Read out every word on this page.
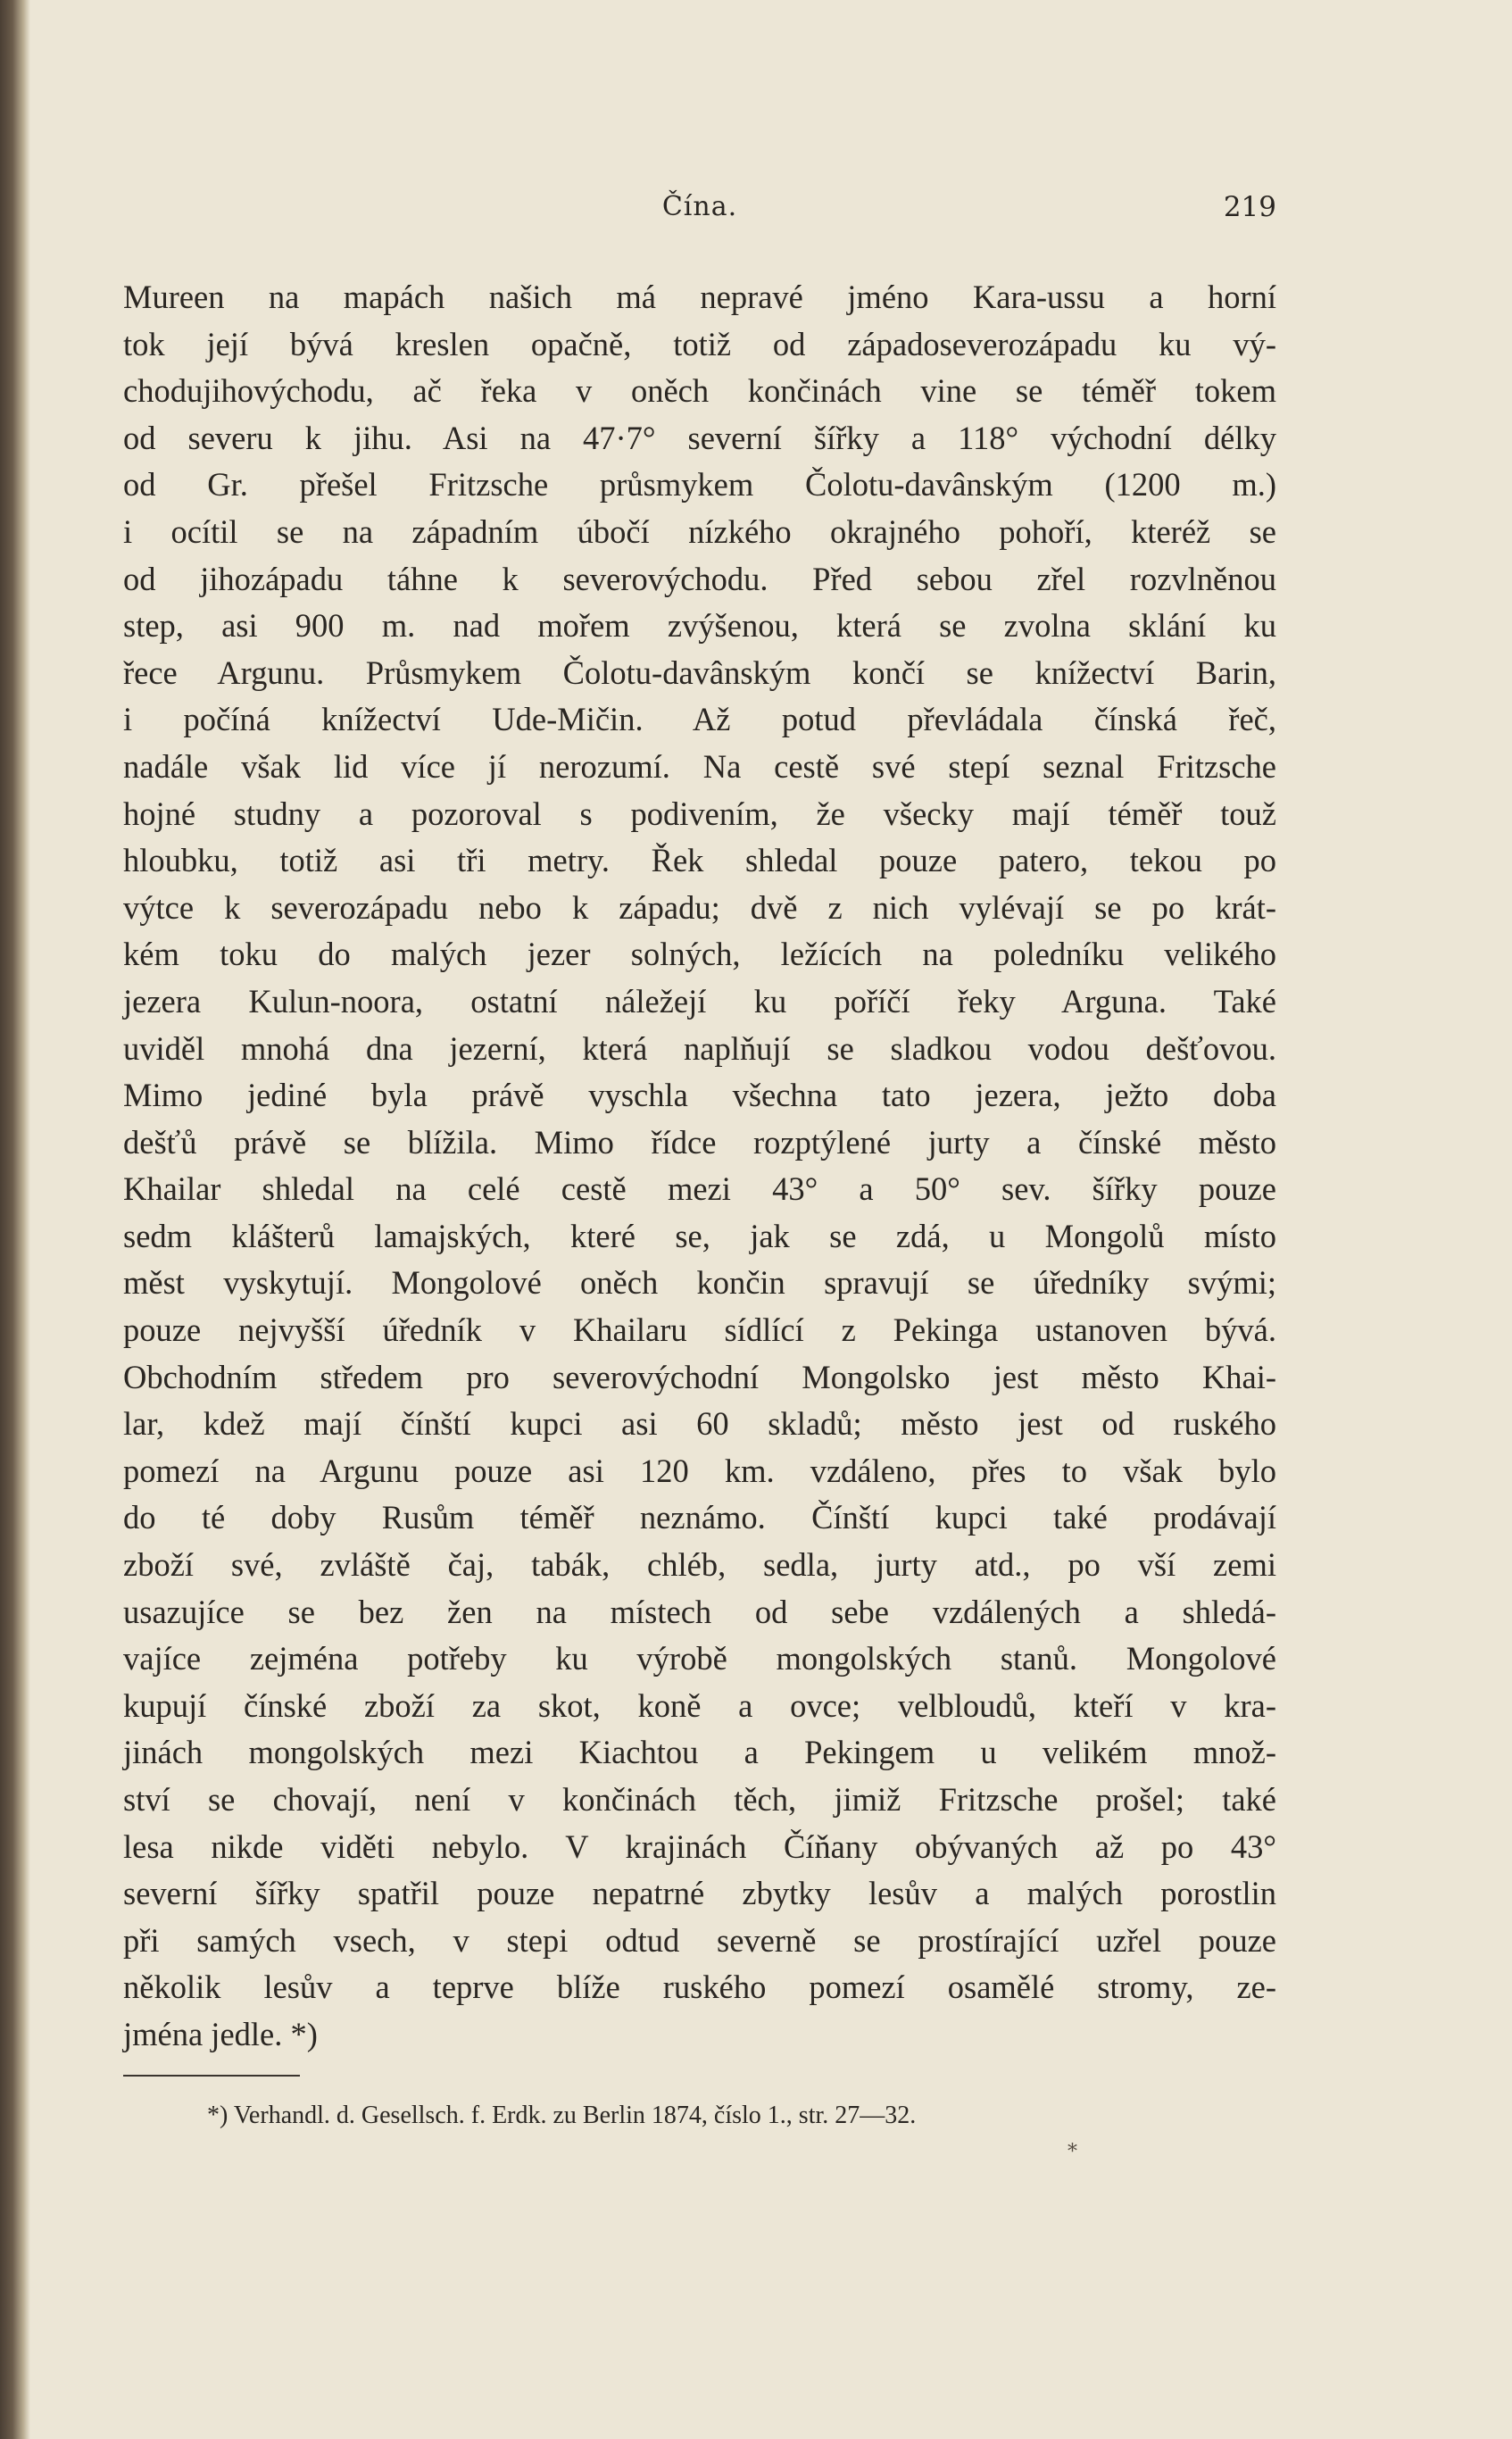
Čína.	219
Mureen na mapách našich má nepravé jméno Kara-ussu a horní
tok její bývá kreslen opačně, totiž od západoseverozápadu ku vý-
chodujihovýchodu, ač řeka v oněch končinách vine se téměř tokem
od severu k jihu. Asi na 47·7° severní šířky a 118° východní délky
od Gr. přešel Fritzsche průsmykem Čolotu-davânským (1200 m.)
i ocítil se na západním úbočí nízkého okrajného pohoří, kteréž se
od jihozápadu táhne k severovýchodu. Před sebou zřel rozvlněnou
step, asi 900 m. nad mořem zvýšenou, která se zvolna sklání ku
řece Argunu. Průsmykem Čolotu-davânským končí se knížectví Barin,
i počíná knížectví Ude-Mičin. Až potud převládala čínská řeč,
nadále však lid více jí nerozumí. Na cestě své stepí seznal Fritzsche
hojné studny a pozoroval s podivením, že všecky mají téměř touž
hloubku, totiž asi tři metry. Řek shledal pouze patero, tekou po
výtce k severozápadu nebo k západu; dvě z nich vylévají se po krát-
kém toku do malých jezer solných, ležících na poledníku velikého
jezera Kulun-noora, ostatní náležejí ku poříčí řeky Arguna. Také
uviděl mnohá dna jezerní, která naplňují se sladkou vodou dešťovou.
Mimo jediné byla právě vyschla všechna tato jezera, ježto doba
dešťů právě se blížila. Mimo řídce rozptýlené jurty a čínské město
Khailar shledal na celé cestě mezi 43° a 50° sev. šířky pouze
sedm klášterů lamajských, které se, jak se zdá, u Mongolů místo
měst vyskytují. Mongolové oněch končin spravují se úředníky svými;
pouze nejvyšší úředník v Khailaru sídlící z Pekinga ustanoven bývá.
Obchodním středem pro severovýchodní Mongolsko jest město Khai-
lar, kdež mají čínští kupci asi 60 skladů; město jest od ruského
pomezí na Argunu pouze asi 120 km. vzdáleno, přes to však bylo
do té doby Rusům téměř neznámo. Čínští kupci také prodávají
zboží své, zvláště čaj, tabák, chléb, sedla, jurty atd., po vší zemi
usazujíce se bez žen na místech od sebe vzdálených a shledá-
vajíce zejména potřeby ku výrobě mongolských stanů. Mongolové
kupují čínské zboží za skot, koně a ovce; velbloudů, kteří v kra-
jinách mongolských mezi Kiachtou a Pekingem u velikém množ-
ství se chovají, není v končinách těch, jimiž Fritzsche prošel; také
lesa nikde viděti nebylo. V krajinách Číňany obývaných až po 43°
severní šířky spatřil pouze nepatrné zbytky lesův a malých porostlin
při samých vsech, v stepi odtud severně se prostírající uzřel pouze
několik lesův a teprve blíže ruského pomezí osamělé stromy, ze-
jména jedle. *)
*) Verhandl. d. Gesellsch. f. Erdk. zu Berlin 1874, číslo 1., str. 27—32.
*
